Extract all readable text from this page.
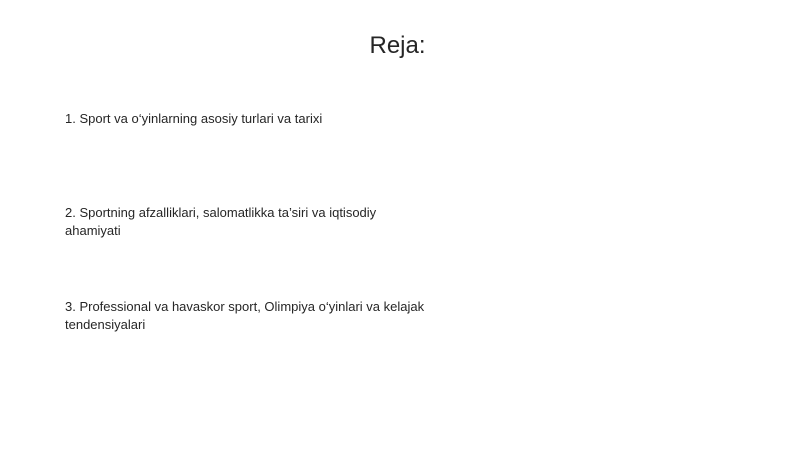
Reja:
1. Sport va o‘yinlarning asosiy turlari va tarixi
2. Sportning afzalliklari, salomatlikka ta’siri va iqtisodiy ahamiyati
3. Professional va havaskor sport, Olimpiya o‘yinlari va kelajak tendensiyalari
